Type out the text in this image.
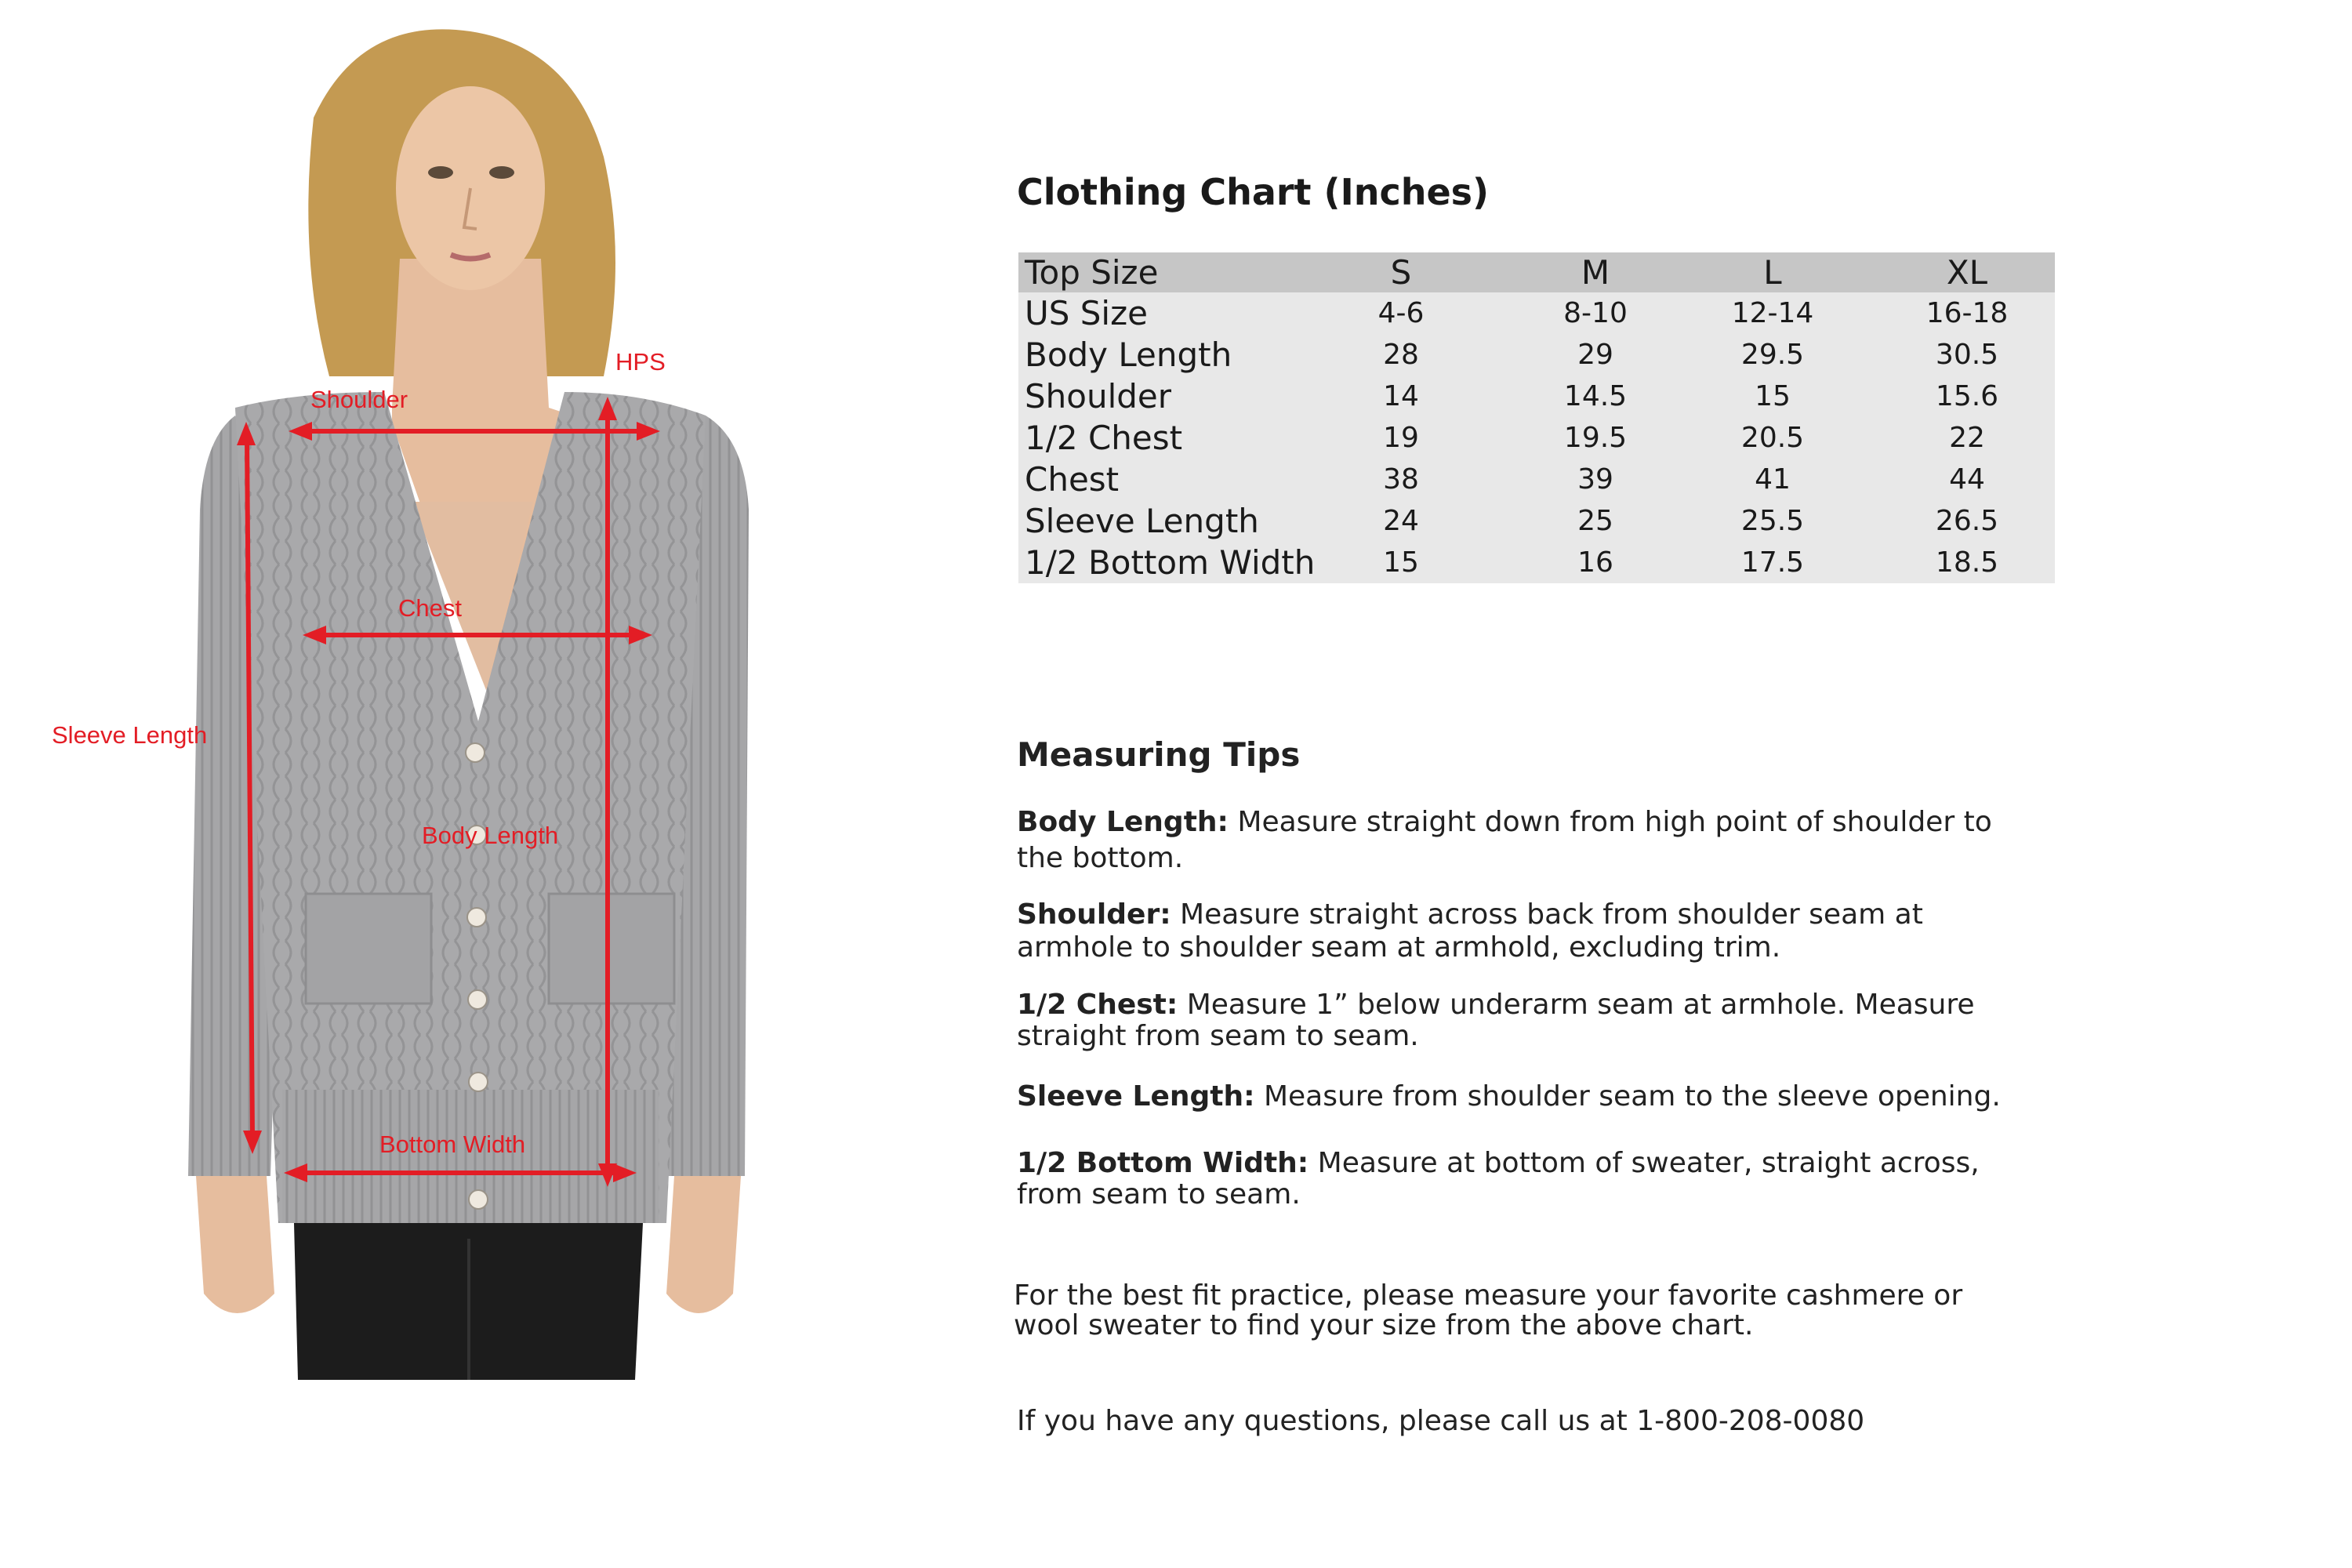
HPS
Shoulder
Chest
Sleeve Length
Body Length
Bottom Width
Clothing Chart (Inches)
Top Size	S	M	L	XL
US Size	4-6	8-10	12-14	16-18
Body Length	28	29	29.5	30.5
Shoulder	14	14.5	15	15.6
1/2 Chest	19	19.5	20.5	22
Chest	38	39	41	44
Sleeve Length	24	25	25.5	26.5
1/2 Bottom Width	15	16	17.5	18.5
Measuring Tips
Body Length: Measure straight down from high point of shoulder to the bottom.
Shoulder: Measure straight across back from shoulder seam at armhole to shoulder seam at armhold, excluding trim.
1/2 Chest: Measure 1” below underarm seam at armhole. Measure straight from seam to seam.
Sleeve Length: Measure from shoulder seam to the sleeve opening.
1/2 Bottom Width: Measure at bottom of sweater, straight across, from seam to seam.
For the best fit practice, please measure your favorite cashmere or wool sweater to find your size from the above chart.
If you have any questions, please call us at 1-800-208-0080
